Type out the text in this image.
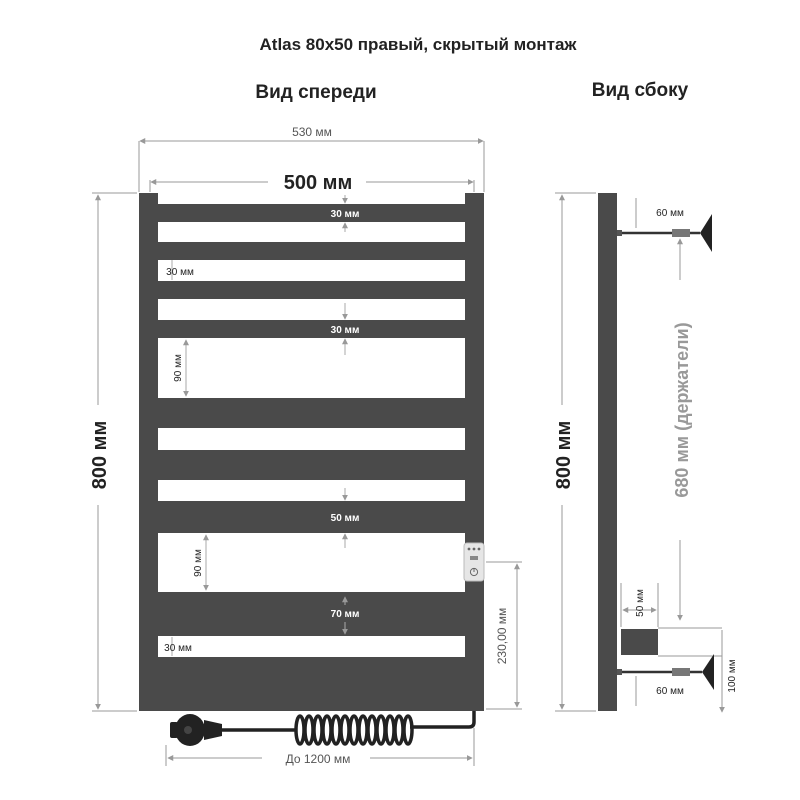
Atlas 80x50 правый, скрытый монтаж
Вид спереди	Вид сбоку
530 мм
500 мм
800 мм
30 мм
30 мм
30 мм
90 мм
50 мм
90 мм
70 мм
30 мм	230,00 мм
До 1200 мм
800 мм
60 мм
680 мм (держатели)
50 мм
60 мм	100 мм
